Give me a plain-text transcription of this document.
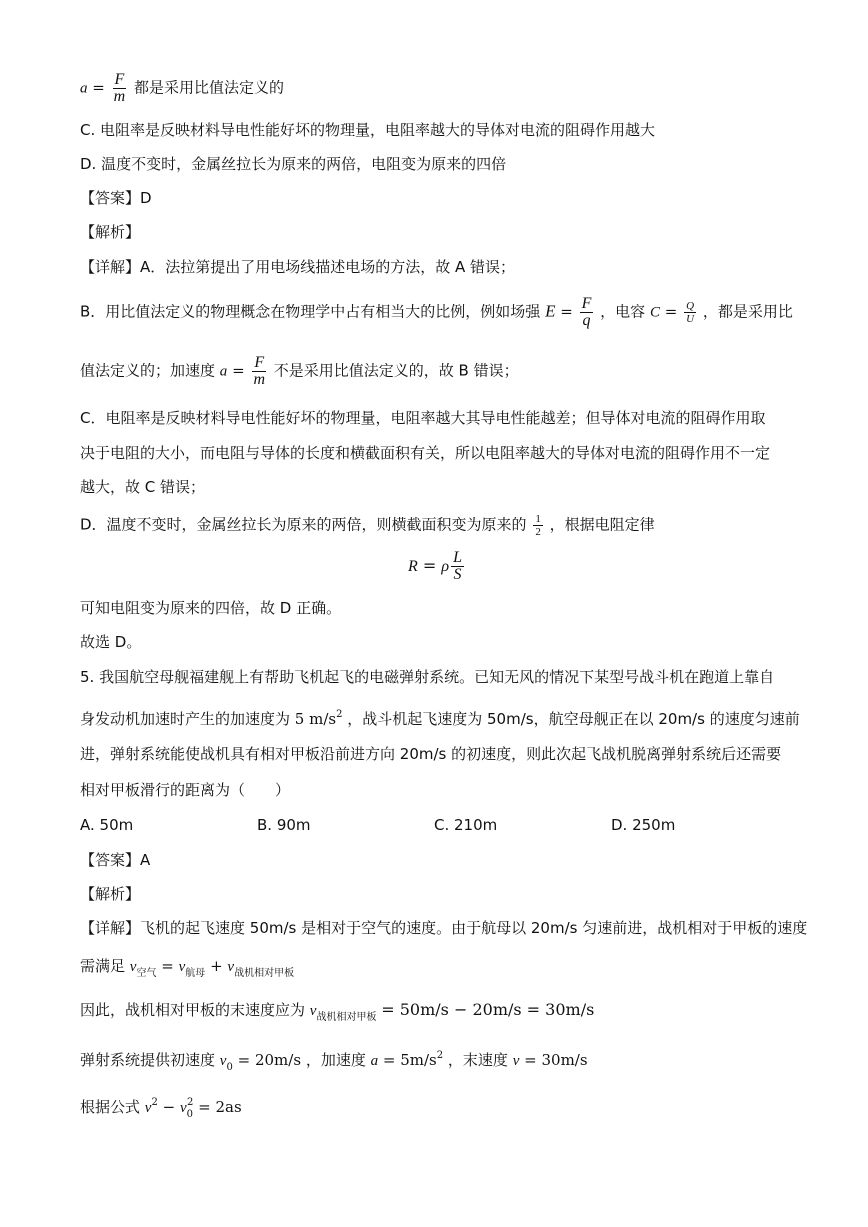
$a = \frac{F}{m}$ 都是采用比值法定义的
C. 电阻率是反映材料导电性能好坏的物理量，电阻率越大的导体对电流的阻碍作用越大
D. 温度不变时，金属丝拉长为原来的两倍，电阻变为原来的四倍
【答案】D
【解析】
【详解】A．法拉第提出了用电场线描述电场的方法，故 A 错误；
B．用比值法定义的物理概念在物理学中占有相当大的比例，例如场强 $E = \frac{F}{q}$ ，电容 $C = \frac{Q}{U}$ ，都是采用比
值法定义的；加速度 $a = \frac{F}{m}$ 不是采用比值法定义的，故 B 错误；
C．电阻率是反映材料导电性能好坏的物理量，电阻率越大其导电性能越差；但导体对电流的阻碍作用取
决于电阻的大小，而电阻与导体的长度和横截面积有关，所以电阻率越大的导体对电流的阻碍作用不一定
越大，故 C 错误；
D．温度不变时，金属丝拉长为原来的两倍，则横截面积变为原来的 $\frac{1}{2}$ ，根据电阻定律
R = ρ $\frac{L}{S}$
可知电阻变为原来的四倍，故 D 正确。
故选 D。
5. 我国航空母舰福建舰上有帮助飞机起飞的电磁弹射系统。已知无风的情况下某型号战斗机在跑道上靠自
身发动机加速时产生的加速度为 5 $m/s^2$ ，战斗机起飞速度为 50m/s，航空母舰正在以 20m/s 的速度匀速前
进，弹射系统能使战机具有相对甲板沿前进方向 20m/s 的初速度，则此次起飞战机脱离弹射系统后还需要
相对甲板滑行的距离为（　　）
A. 50m	B. 90m	C. 210m	D. 250m
【答案】A
【解析】
【详解】飞机的起飞速度 50m/s 是相对于空气的速度。由于航母以 20m/s 匀速前进，战机相对于甲板的速度
需满足 $v_{空气} = v_{航母} + v_{战机相对甲板}$
因此，战机相对甲板的末速度应为 $v_{战机相对甲板} = 50m/s - 20m/s = 30m/s$
弹射系统提供初速度 $v_0 = 20m/s$ ，加速度 $a = 5m/s^2$ ，末速度 v = 30m/s
根据公式 $v^2 - v_0^2 = 2as$
